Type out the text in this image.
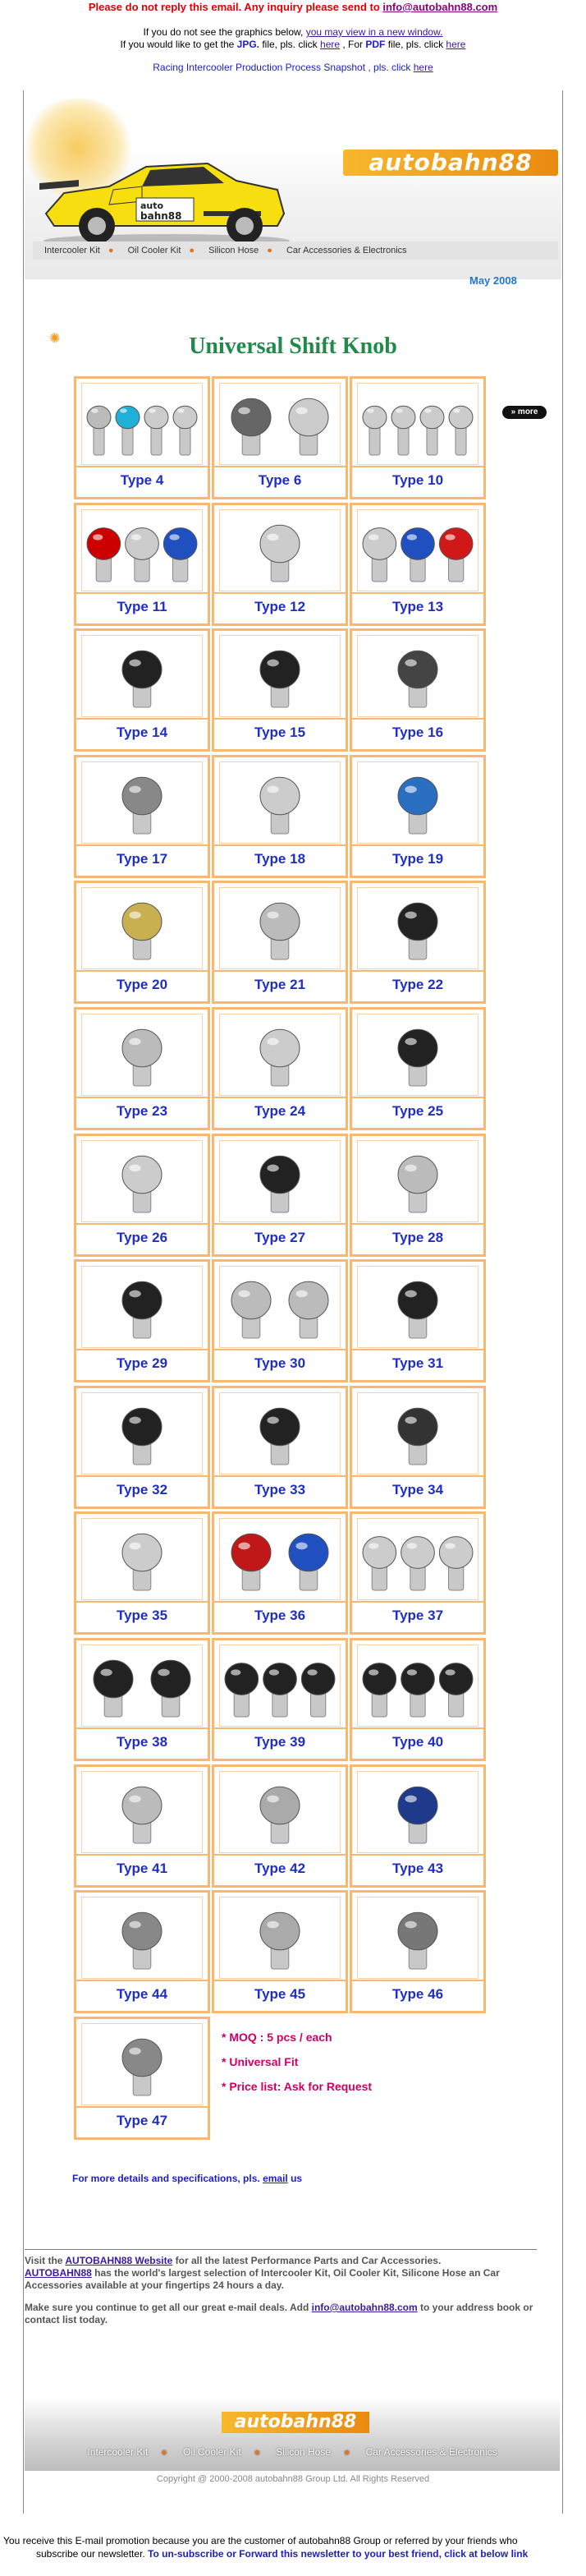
Please do not reply this email. Any inquiry please send to info@autobahn88.com
If you do not see the graphics below, you may view in a new window.
If you would like to get the JPG. file, pls. click here , For PDF file, pls. click here
Racing Intercooler Production Process Snapshot , pls. click here
auto
bahn88
autobahn88
Intercooler Kit ● Oil Cooler Kit ● Silicon Hose ● Car Accessories & Electronics
May 2008
✺	Universal Shift Knob
» more
Type 4	Type 6	Type 10
Type 11	Type 12	Type 13
Type 14	Type 15	Type 16
Type 17	Type 18	Type 19
Type 20	Type 21	Type 22
Type 23	Type 24	Type 25
Type 26	Type 27	Type 28
Type 29	Type 30	Type 31
Type 32	Type 33	Type 34
Type 35	Type 36	Type 37
Type 38	Type 39	Type 40
Type 41	Type 42	Type 43
Type 44	Type 45	Type 46
Type 47
* MOQ : 5 pcs / each
* Universal Fit
* Price list: Ask for Request
For more details and specifications, pls. email us

Visit the AUTOBAHN88 Website for all the latest Performance Parts and Car Accessories.
AUTOBAHN88 has the world's largest selection of Intercooler Kit, Oil Cooler Kit, Silicone Hose an Car Accessories available at your fingertips 24 hours a day.

Make sure you continue to get all our great e-mail deals. Add info@autobahn88.com to your address book or contact list today.

autobahn88
Intercooler Kit ● Oil Cooler Kit ● Silicon Hose ● Car Accessories & Electronics
Copyright @ 2000-2008 autobahn88 Group Ltd. All Rights Reserved
You receive this E-mail promotion because you are the customer of autobahn88 Group or referred by your friends who
subscribe our newsletter. To un-subscribe or Forward this newsletter to your best friend, click at below link
